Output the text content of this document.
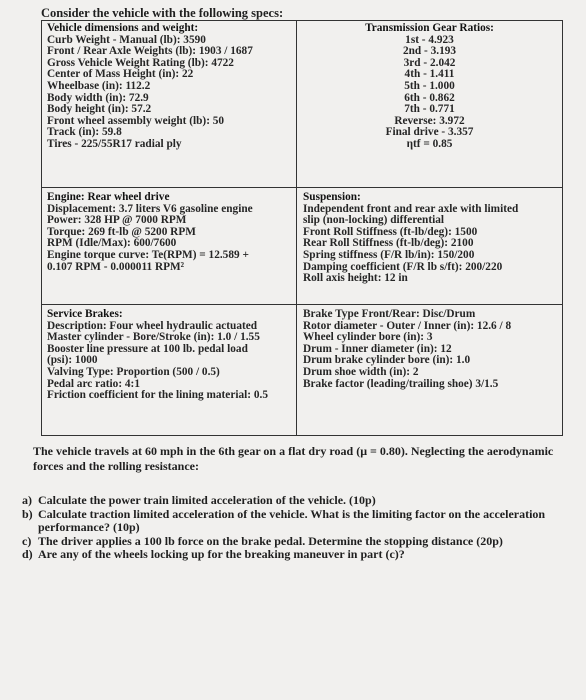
Consider the vehicle with the following specs:
Vehicle dimensions and weight:
Curb Weight - Manual (lb): 3590
Front / Rear Axle Weights (lb): 1903 / 1687
Gross Vehicle Weight Rating (lb): 4722
Center of Mass Height (in): 22
Wheelbase (in): 112.2
Body width (in): 72.9
Body height (in): 57.2
Front wheel assembly weight (lb): 50
Track (in): 59.8
Tires - 225/55R17 radial ply
Transmission Gear Ratios:
1st - 4.923
2nd - 3.193
3rd - 2.042
4th - 1.411
5th - 1.000
6th - 0.862
7th - 0.771
Reverse: 3.972
Final drive - 3.357
ηtf = 0.85
Engine: Rear wheel drive
Displacement: 3.7 liters V6 gasoline engine
Power: 328 HP @ 7000 RPM
Torque: 269 ft-lb @ 5200 RPM
RPM (Idle/Max): 600/7600
Engine torque curve: Te(RPM) = 12.589 +
0.107 RPM - 0.000011 RPM²
Suspension:
Independent front and rear axle with limited
slip (non-locking) differential
Front Roll Stiffness (ft-lb/deg): 1500
Rear Roll Stiffness (ft-lb/deg): 2100
Spring stiffness (F/R lb/in): 150/200
Damping coefficient (F/R lb s/ft): 200/220
Roll axis height: 12 in
Service Brakes:
Description: Four wheel hydraulic actuated
Master cylinder - Bore/Stroke (in): 1.0 / 1.55
Booster line pressure at 100 lb. pedal load
(psi): 1000
Valving Type: Proportion (500 / 0.5)
Pedal arc ratio: 4:1
Friction coefficient for the lining material: 0.5
Brake Type Front/Rear: Disc/Drum
Rotor diameter - Outer / Inner (in): 12.6 / 8
Wheel cylinder bore (in): 3
Drum - Inner diameter (in): 12
Drum brake cylinder bore (in): 1.0
Drum shoe width (in): 2
Brake factor (leading/trailing shoe) 3/1.5
The vehicle travels at 60 mph in the 6th gear on a flat dry road (μ = 0.80). Neglecting the aerodynamic forces and the rolling resistance:
a) Calculate the power train limited acceleration of the vehicle. (10p)
b) Calculate traction limited acceleration of the vehicle. What is the limiting factor on the acceleration performance? (10p)
c) The driver applies a 100 lb force on the brake pedal. Determine the stopping distance (20p)
d) Are any of the wheels locking up for the breaking maneuver in part (c)?
